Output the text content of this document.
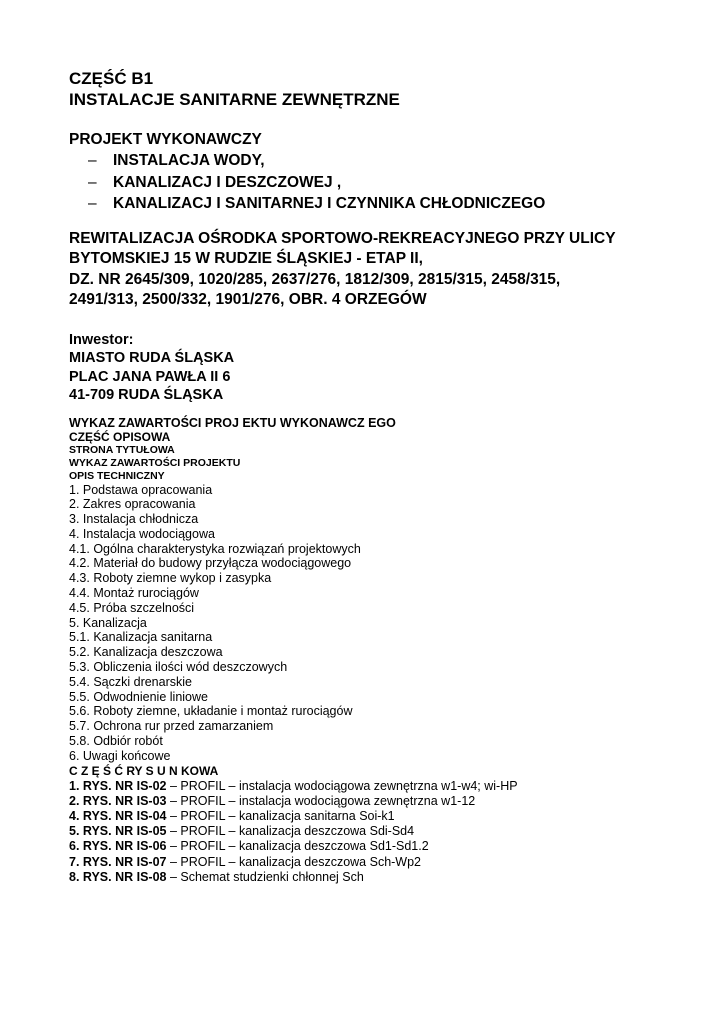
CZĘŚĆ B1

INSTALACJE SANITARNE ZEWNĘTRZNE

PROJEKT WYKONAWCZY

– INSTALACJA WODY,
– KANALIZACJ I DESZCZOWEJ ,
– KANALIZACJ I SANITARNEJ I CZYNNIKA CHŁODNICZEGO

REWITALIZACJA OŚRODKA SPORTOWO-REKREACYJNEGO PRZY ULICY

BYTOMSKIEJ 15 W RUDZIE ŚLĄSKIEJ - ETAP II,

DZ. NR 2645/309, 1020/285, 2637/276, 1812/309, 2815/315, 2458/315,

2491/313, 2500/332, 1901/276, OBR. 4 ORZEGÓW

Inwestor:

MIASTO RUDA ŚLĄSKA

PLAC JANA PAWŁA II 6

41-709 RUDA ŚLĄSKA

WYKAZ ZAWARTOŚCI PROJ EKTU WYKONAWCZ EGO
CZĘŚĆ OPISOWA
STRONA TYTUŁOWA
WYKAZ ZAWARTOŚCI PROJEKTU
OPIS TECHNICZNY
1. Podstawa opracowania
2. Zakres opracowania
3. Instalacja chłodnicza
4. Instalacja wodociągowa
4.1. Ogólna charakterystyka rozwiązań projektowych
4.2. Materiał do budowy przyłącza wodociągowego
4.3. Roboty ziemne wykop i zasypka
4.4. Montaż rurociągów
4.5. Próba szczelności
5. Kanalizacja
5.1. Kanalizacja sanitarna
5.2. Kanalizacja deszczowa
5.3. Obliczenia ilości wód deszczowych
5.4. Sączki drenarskie
5.5. Odwodnienie liniowe
5.6. Roboty ziemne, układanie i montaż rurociągów
5.7. Ochrona rur przed zamarzaniem
5.8. Odbiór robót
6. Uwagi końcowe
C Z Ę Ś Ć RY S U N KOWA
1. RYS. NR IS-02 – PROFIL – instalacja wodociągowa zewnętrzna w1-w4; wi-HP
2. RYS. NR IS-03 – PROFIL – instalacja wodociągowa zewnętrzna w1-12
4. RYS. NR IS-04 – PROFIL – kanalizacja sanitarna Soi-k1
5. RYS. NR IS-05 – PROFIL – kanalizacja deszczowa Sdi-Sd4
6. RYS. NR IS-06 – PROFIL – kanalizacja deszczowa Sd1-Sd1.2
7. RYS. NR IS-07 – PROFIL – kanalizacja deszczowa Sch-Wp2
8. RYS. NR IS-08 – Schemat studzienki chłonnej Sch
